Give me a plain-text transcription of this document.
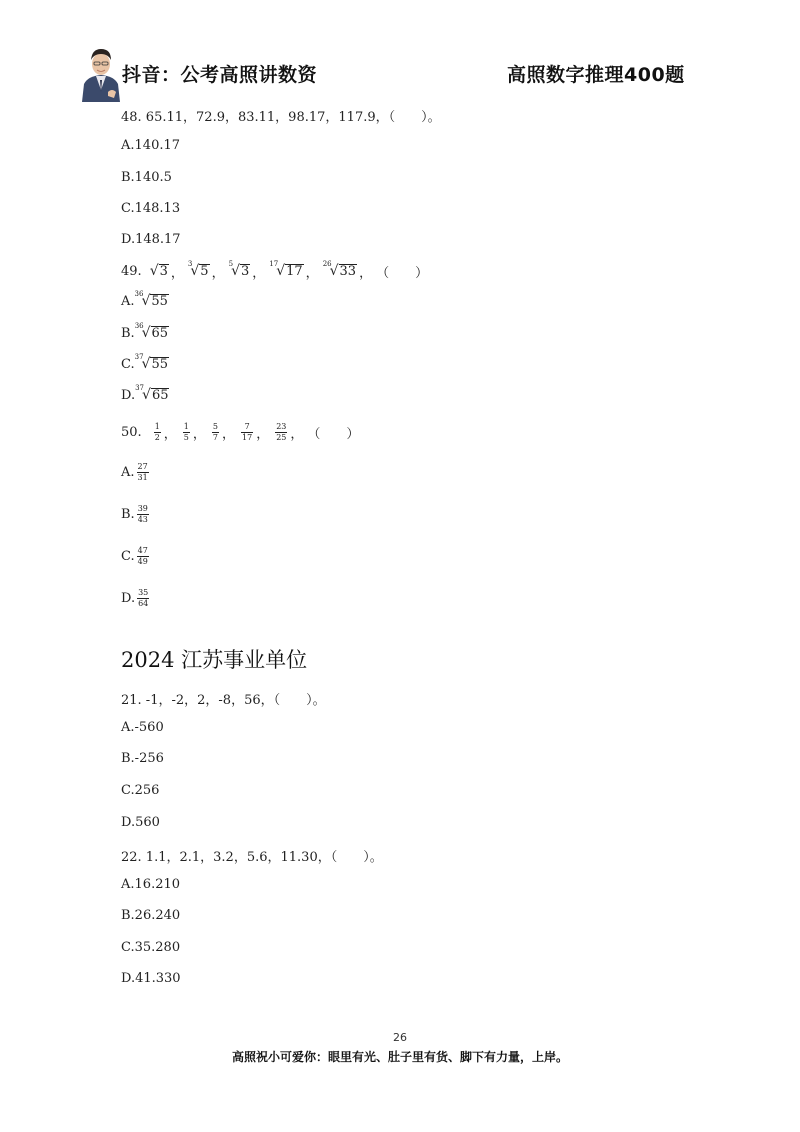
抖音：公考高照讲数资	高照数字推理400题
48. 65.11，72.9，83.11，98.17，117.9，（　　）。
A.140.17
B.140.5
C.148.13
D.148.17
49. √ 3 ，
3
√ 5 ，
5
√ 3 ，
17
√ 17 ，
26
√ 33 ， （　　）
A. 36
√ 55
B. 36
√ 65
C. 37
√ 55
D. 37
√ 65
50. $\frac{1}{2}$ ， $\frac{1}{5}$ ， $\frac{5}{7}$ ， $\frac{7}{17}$ ， $\frac{23}{25}$ ， （　　）
A. $\frac{27}{31}$
B. $\frac{39}{43}$
C. $\frac{47}{49}$
D. $\frac{35}{64}$
2024 江苏事业单位
21. -1，-2，2，-8，56，（　　）。
A.-560
B.-256
C.256
D.560
22. 1.1，2.1，3.2，5.6，11.30，（　　）。
A.16.210
B.26.240
C.35.280
D.41.330
26
高照祝小可爱你：眼里有光、肚子里有货、脚下有力量，上岸。
